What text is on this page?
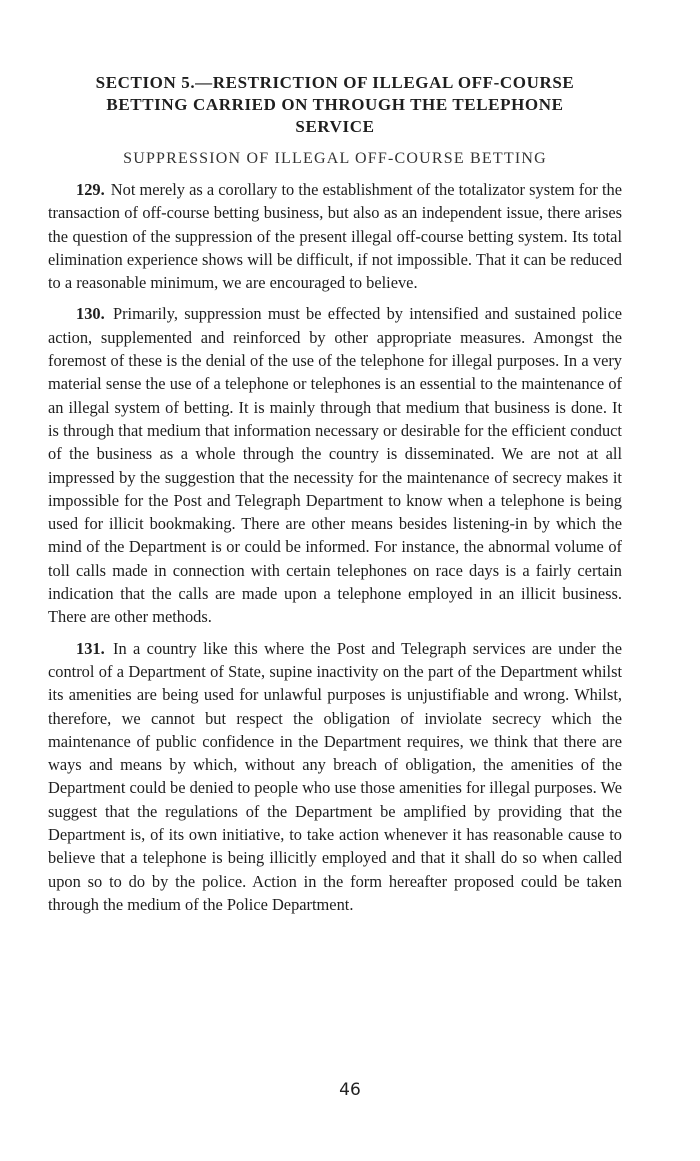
SECTION 5.—RESTRICTION OF ILLEGAL OFF-COURSE
BETTING CARRIED ON THROUGH THE TELEPHONE
SERVICE
SUPPRESSION OF ILLEGAL OFF-COURSE BETTING

129. Not merely as a corollary to the establishment of the totalizator system for the transaction of off-course betting business, but also as an independent issue, there arises the question of the suppression of the present illegal off-course betting system. Its total elimination experience shows will be difficult, if not impossible. That it can be reduced to a reasonable minimum, we are encouraged to believe.

130. Primarily, suppression must be effected by intensified and sustained police action, supplemented and reinforced by other appropriate measures. Amongst the foremost of these is the denial of the use of the telephone for illegal purposes. In a very material sense the use of a telephone or telephones is an essential to the maintenance of an illegal system of betting. It is mainly through that medium that business is done. It is through that medium that information necessary or desirable for the efficient conduct of the business as a whole through the country is disseminated. We are not at all impressed by the suggestion that the necessity for the maintenance of secrecy makes it impossible for the Post and Telegraph Department to know when a telephone is being used for illicit bookmaking. There are other means besides listening-in by which the mind of the Department is or could be informed. For instance, the abnormal volume of toll calls made in connection with certain telephones on race days is a fairly certain indication that the calls are made upon a telephone employed in an illicit business. There are other methods.

131. In a country like this where the Post and Telegraph services are under the control of a Department of State, supine inactivity on the part of the Department whilst its amenities are being used for unlawful purposes is unjustifiable and wrong. Whilst, therefore, we cannot but respect the obligation of inviolate secrecy which the maintenance of public confidence in the Department requires, we think that there are ways and means by which, without any breach of obligation, the amenities of the Department could be denied to people who use those amenities for illegal purposes. We suggest that the regulations of the Department be amplified by providing that the Department is, of its own initiative, to take action whenever it has reasonable cause to believe that a telephone is being illicitly employed and that it shall do so when called upon so to do by the police. Action in the form hereafter proposed could be taken through the medium of the Police Department.

46
